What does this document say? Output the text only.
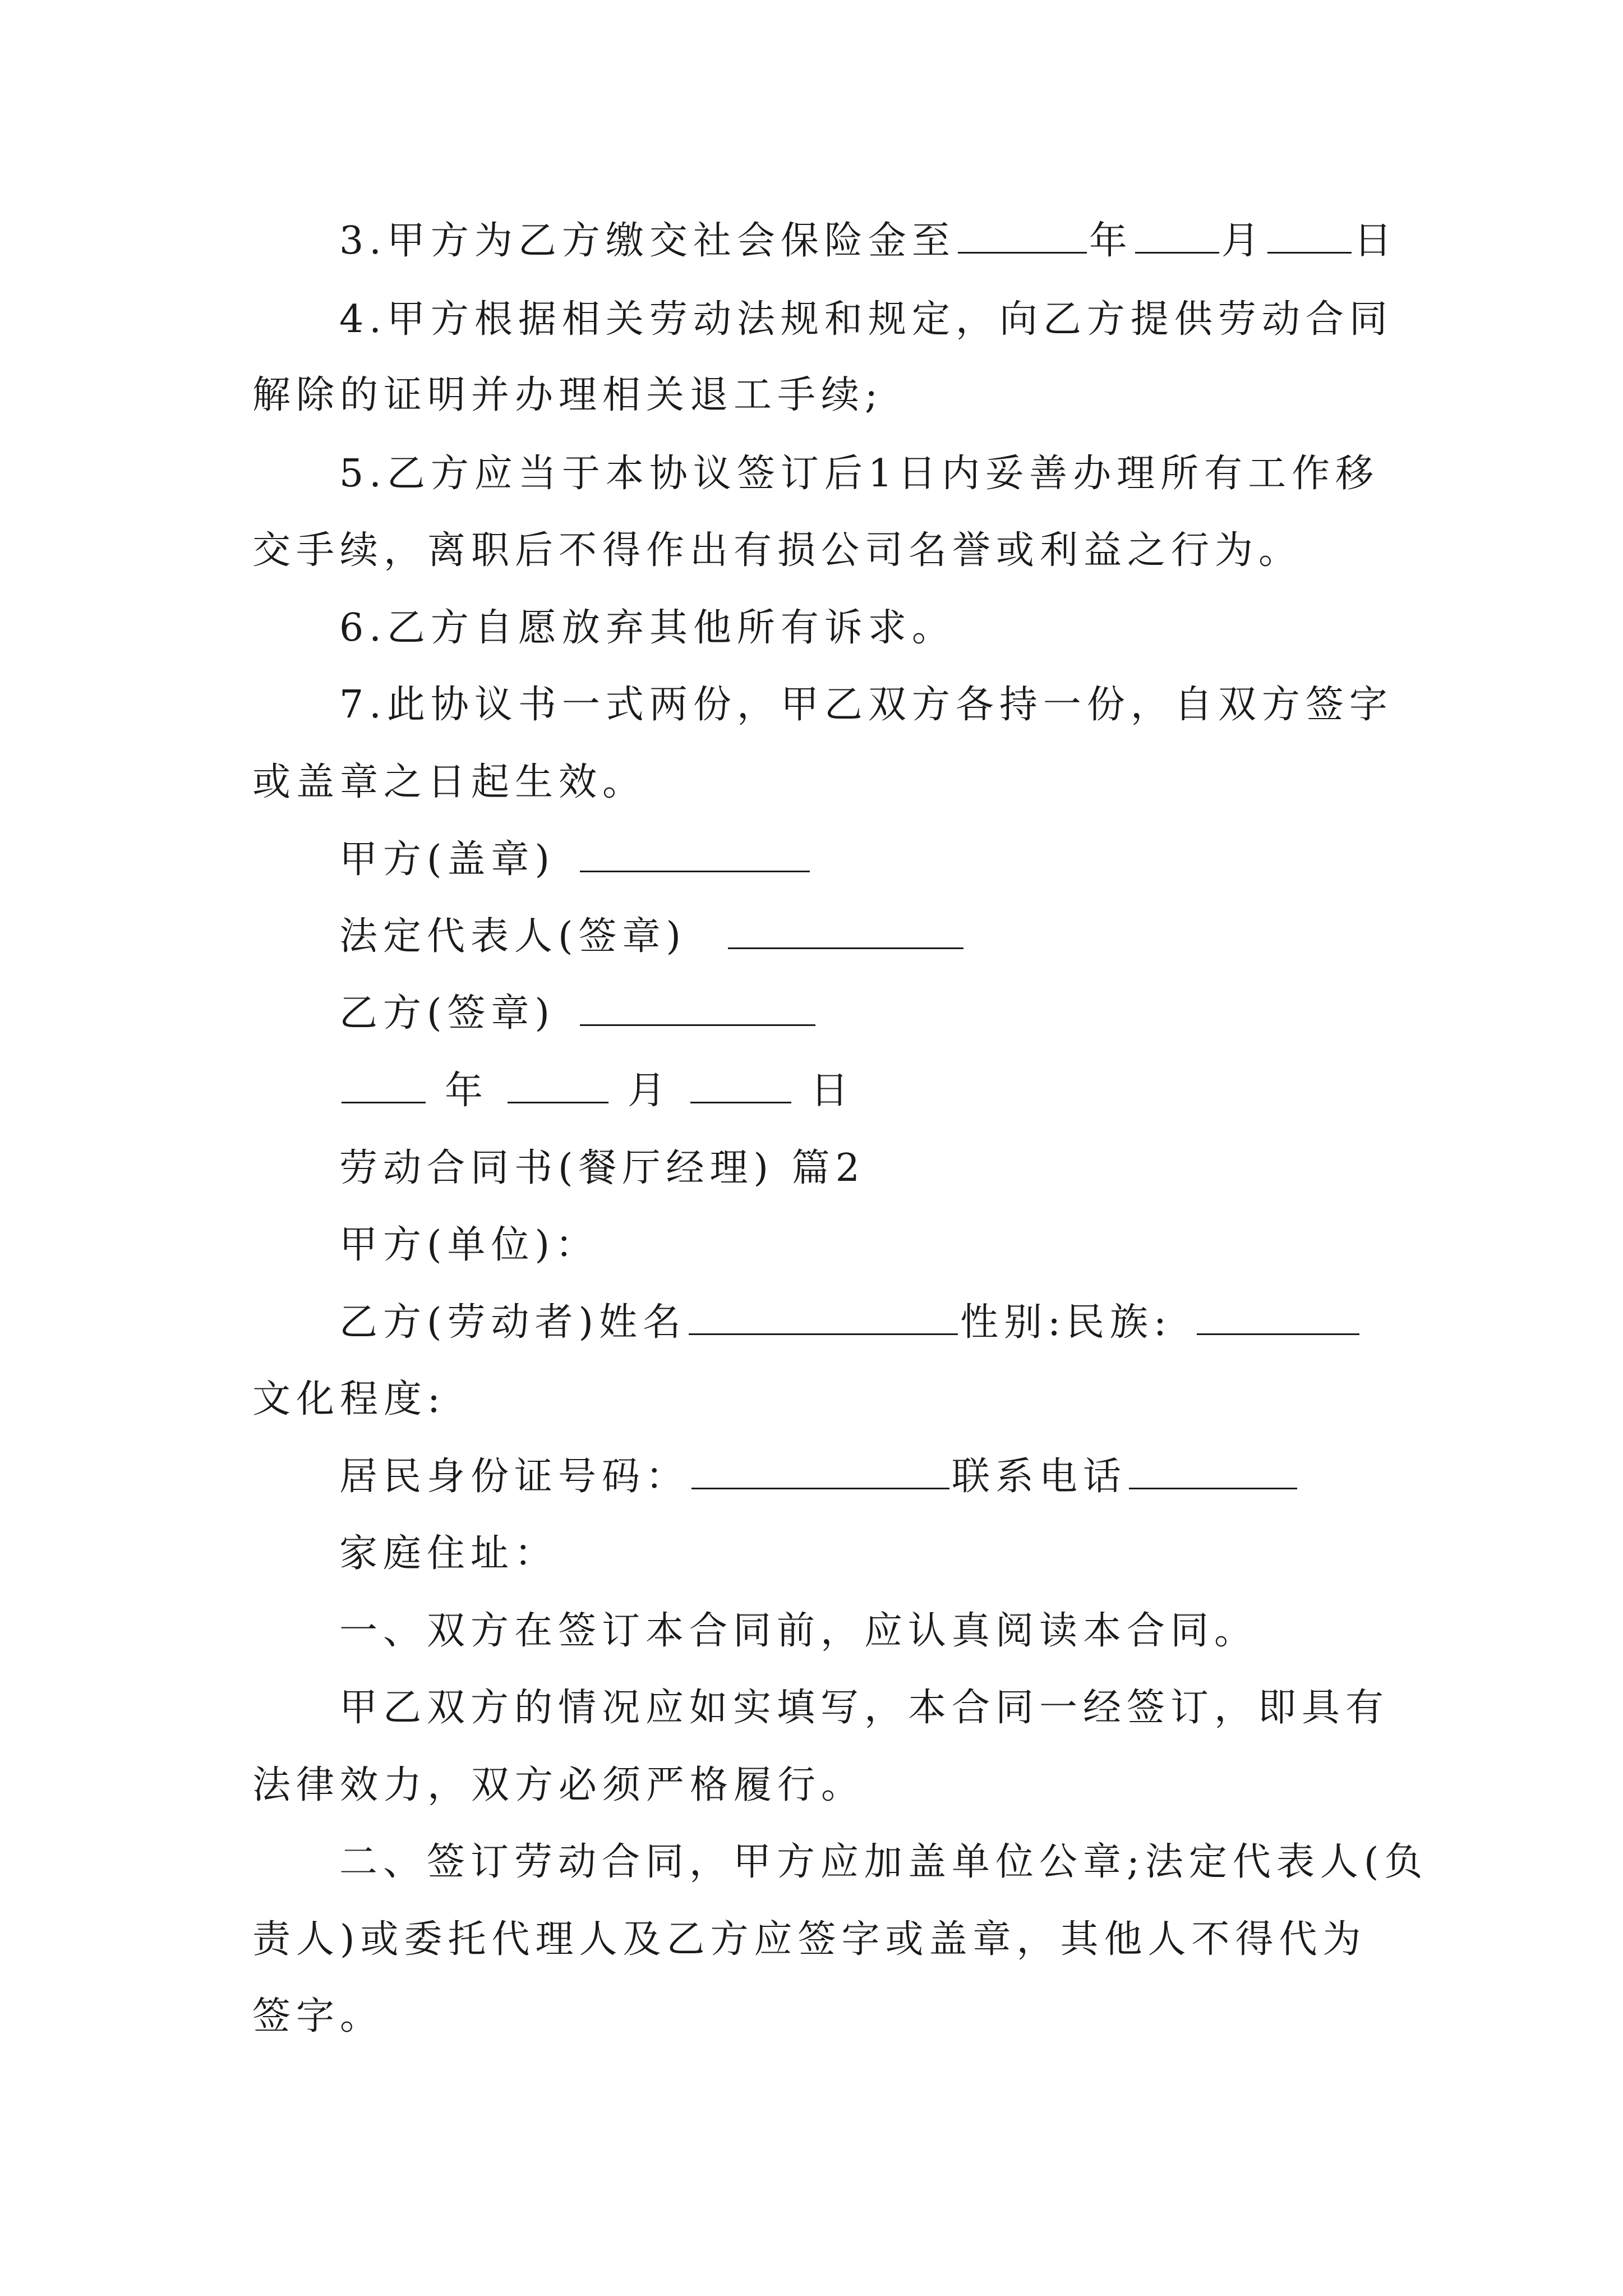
3.甲方为乙方缴交社会保险金至	年 月 日
4.甲方根据相关劳动法规和规定，向乙方提供劳动合同
解除的证明并办理相关退工手续;
5.乙方应当于本协议签订后1日内妥善办理所有工作移
交手续，离职后不得作出有损公司名誉或利益之行为。
6.乙方自愿放弃其他所有诉求。
7.此协议书一式两份，甲乙双方各持一份，自双方签字
或盖章之日起生效。
甲方(盖章)
法定代表人(签章)
乙方(签章)
年	月	日
劳动合同书(餐厅经理) 篇2
甲方(单位)：
乙方(劳动者)姓名	性别:民族:
文化程度:
居民身份证号码：	联系电话
家庭住址：
一、双方在签订本合同前，应认真阅读本合同。
甲乙双方的情况应如实填写，本合同一经签订，即具有
法律效力，双方必须严格履行。
二、签订劳动合同，甲方应加盖单位公章;法定代表人(负
责人)或委托代理人及乙方应签字或盖章，其他人不得代为
签字。
